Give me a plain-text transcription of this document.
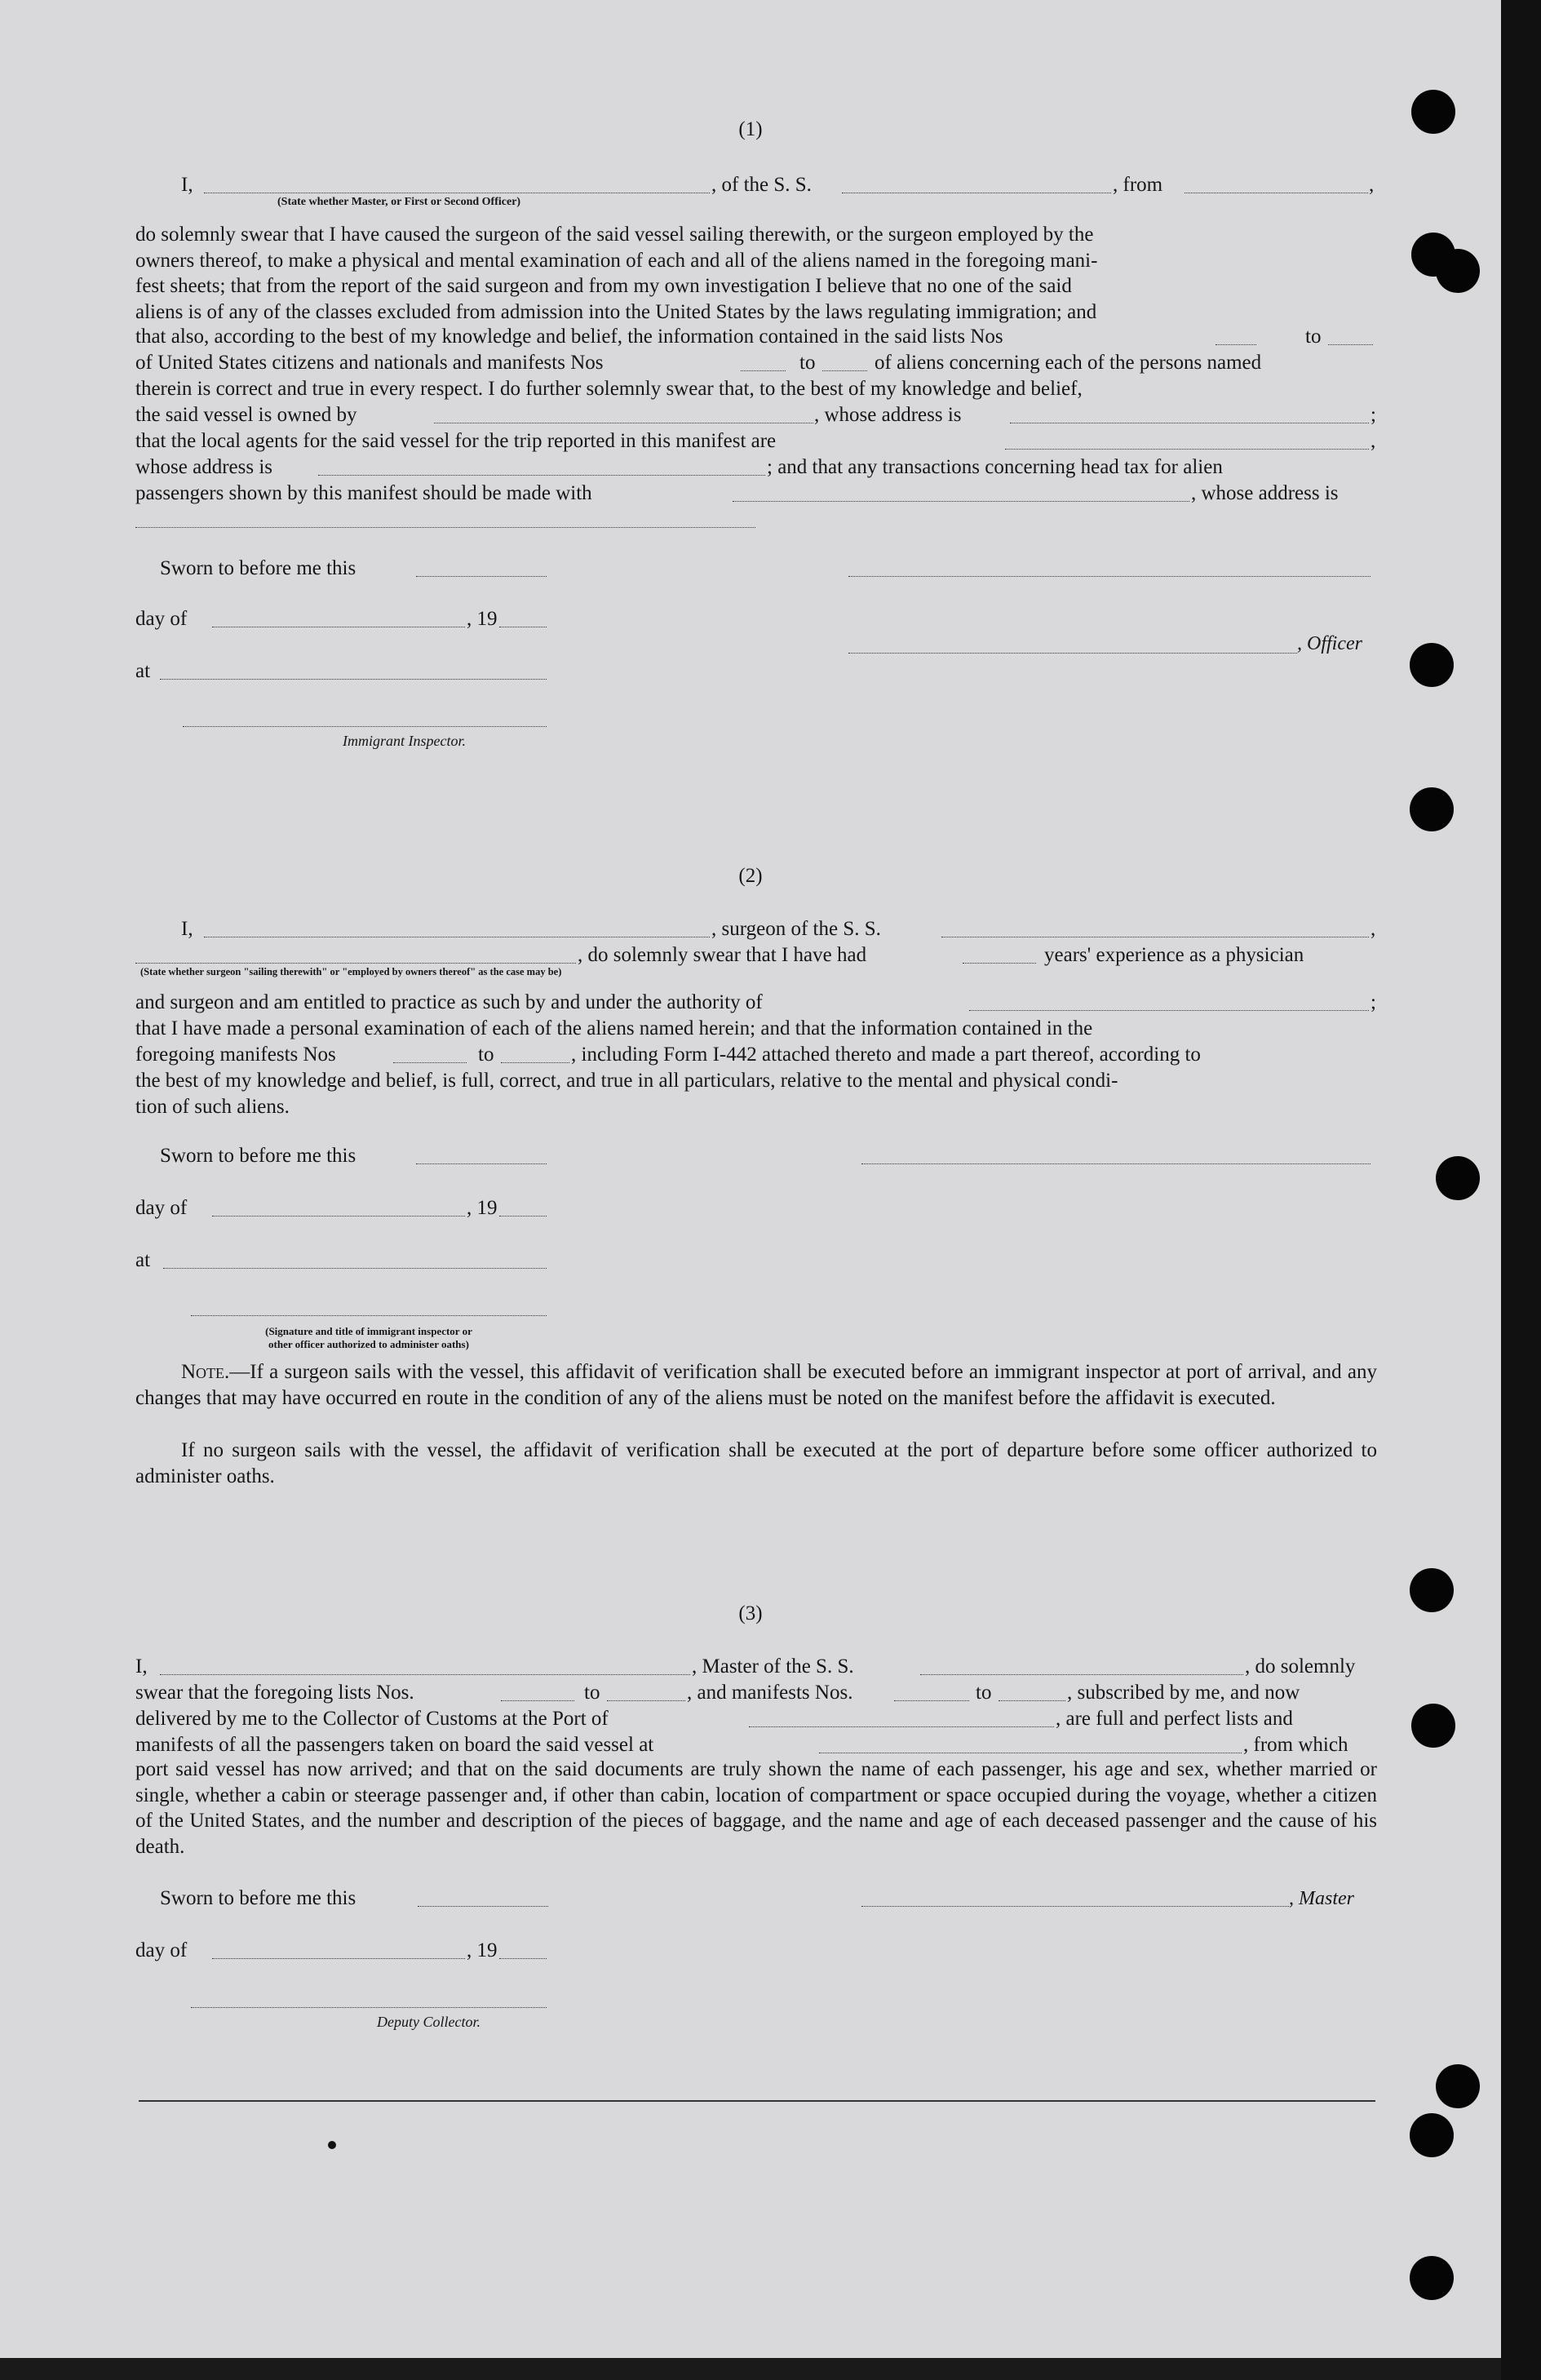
(1)
I,	, of the S. S.	, from	,
(State whether Master, or First or Second Officer)
do solemnly swear that I have caused the surgeon of the said vessel sailing therewith, or the surgeon employed by the
owners thereof, to make a physical and mental examination of each and all of the aliens named in the foregoing mani-
fest sheets; that from the report of the said surgeon and from my own investigation I believe that no one of the said
aliens is of any of the classes excluded from admission into the United States by the laws regulating immigration; and
that also, according to the best of my knowledge and belief, the information contained in the said lists Nos	to
of United States citizens and nationals and manifests Nos	to	of aliens concerning each of the persons named
therein is correct and true in every respect. I do further solemnly swear that, to the best of my knowledge and belief,
the said vessel is owned by	, whose address is	;
that the local agents for the said vessel for the trip reported in this manifest are	,
whose address is	; and that any transactions concerning head tax for alien
passengers shown by this manifest should be made with	, whose address is
Sworn to before me this
day of	, 19
, Officer
at
Immigrant Inspector.
(2)
I,	, surgeon of the S. S.	,
, do solemnly swear that I have had	years' experience as a physician
(State whether surgeon "sailing therewith" or "employed by owners thereof" as the case may be)
and surgeon and am entitled to practice as such by and under the authority of	;
that I have made a personal examination of each of the aliens named herein; and that the information contained in the
foregoing manifests Nos	to	, including Form I-442 attached thereto and made a part thereof, according to
the best of my knowledge and belief, is full, correct, and true in all particulars, relative to the mental and physical condi-
tion of such aliens.
Sworn to before me this
day of	, 19
at
(Signature and title of immigrant inspector or
other officer authorized to administer oaths)
Note.—If a surgeon sails with the vessel, this affidavit of verification shall be executed before an immigrant inspector at port of arrival, and any changes that may have occurred en route in the condition of any of the aliens must be noted on the manifest before the affidavit is executed.
If no surgeon sails with the vessel, the affidavit of verification shall be executed at the port of departure before some officer authorized to administer oaths.
(3)
I,	, Master of the S. S.	, do solemnly
swear that the foregoing lists Nos.	to	, and manifests Nos.	to	, subscribed by me, and now
delivered by me to the Collector of Customs at the Port of	, are full and perfect lists and
manifests of all the passengers taken on board the said vessel at	, from which
port said vessel has now arrived; and that on the said documents are truly shown the name of each passenger, his age and sex, whether married or single, whether a cabin or steerage passenger and, if other than cabin, location of compartment or space occupied during the voyage, whether a citizen of the United States, and the number and description of the pieces of baggage, and the name and age of each deceased passenger and the cause of his death.
Sworn to before me this	, Master
day of	, 19
Deputy Collector.
